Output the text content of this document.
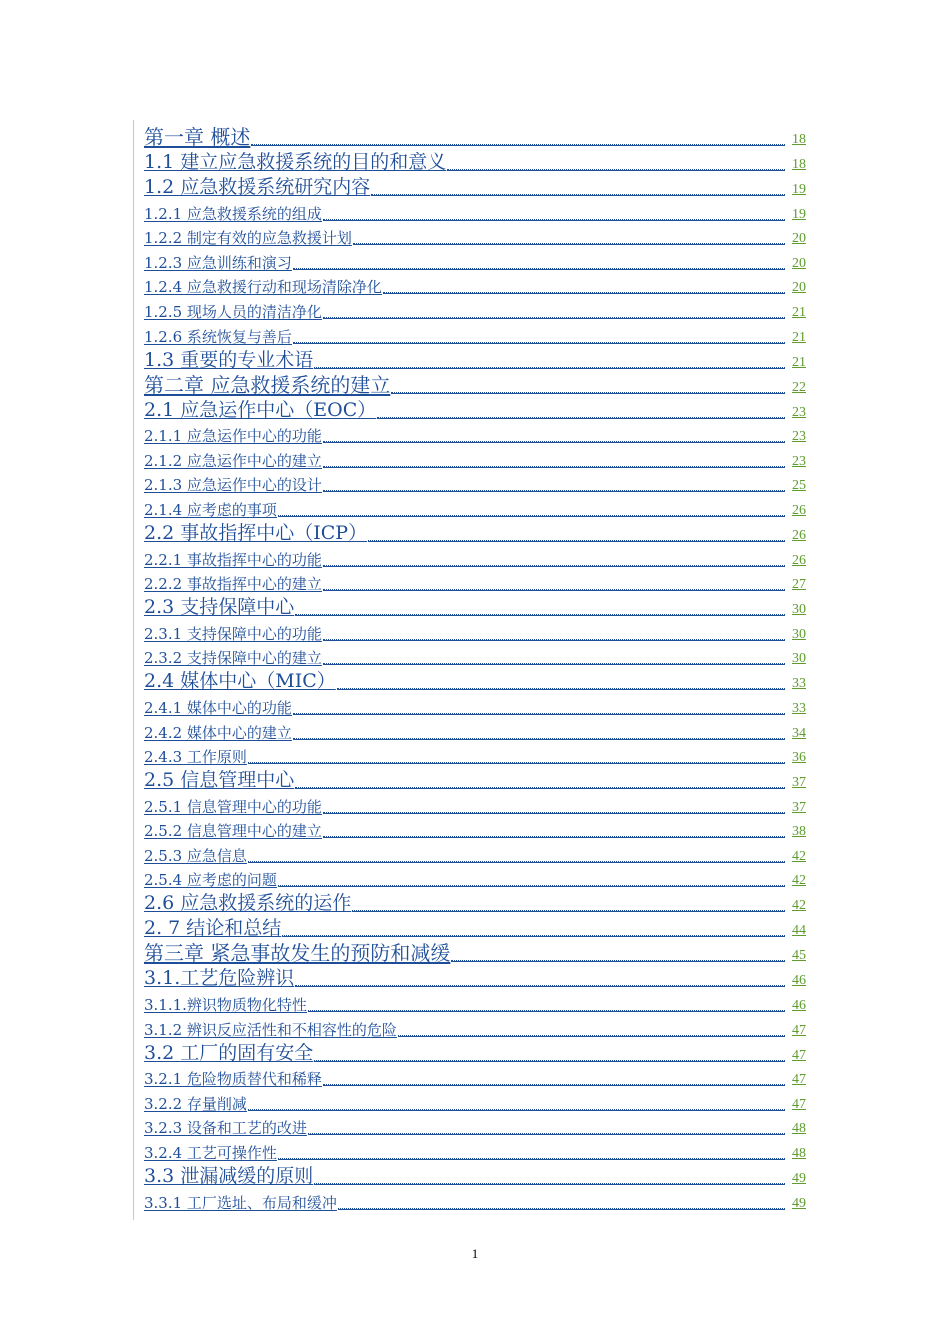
第一章 概述	18
1.1 建立应急救援系统的目的和意义	18
1.2 应急救援系统研究内容	19
1.2.1 应急救援系统的组成	19
1.2.2 制定有效的应急救援计划	20
1.2.3 应急训练和演习	20
1.2.4 应急救援行动和现场清除净化	20
1.2.5 现场人员的清洁净化	21
1.2.6 系统恢复与善后	21
1.3 重要的专业术语	21
第二章 应急救援系统的建立	22
2.1 应急运作中心（EOC）	23
2.1.1 应急运作中心的功能	23
2.1.2 应急运作中心的建立	23
2.1.3 应急运作中心的设计	25
2.1.4 应考虑的事项	26
2.2 事故指挥中心（ICP）	26
2.2.1 事故指挥中心的功能	26
2.2.2 事故指挥中心的建立	27
2.3 支持保障中心	30
2.3.1 支持保障中心的功能	30
2.3.2 支持保障中心的建立	30
2.4 媒体中心（MIC）	33
2.4.1 媒体中心的功能	33
2.4.2 媒体中心的建立	34
2.4.3 工作原则	36
2.5 信息管理中心	37
2.5.1 信息管理中心的功能	37
2.5.2 信息管理中心的建立	38
2.5.3 应急信息	42
2.5.4 应考虑的问题	42
2.6 应急救援系统的运作	42
2. 7 结论和总结	44
第三章 紧急事故发生的预防和减缓	45
3.1.工艺危险辨识	46
3.1.1.辨识物质物化特性	46
3.1.2 辨识反应活性和不相容性的危险	47
3.2 工厂的固有安全	47
3.2.1 危险物质替代和稀释	47
3.2.2 存量削减	47
3.2.3 设备和工艺的改进	48
3.2.4 工艺可操作性	48
3.3 泄漏减缓的原则	49
3.3.1 工厂选址、布局和缓冲	49
1
